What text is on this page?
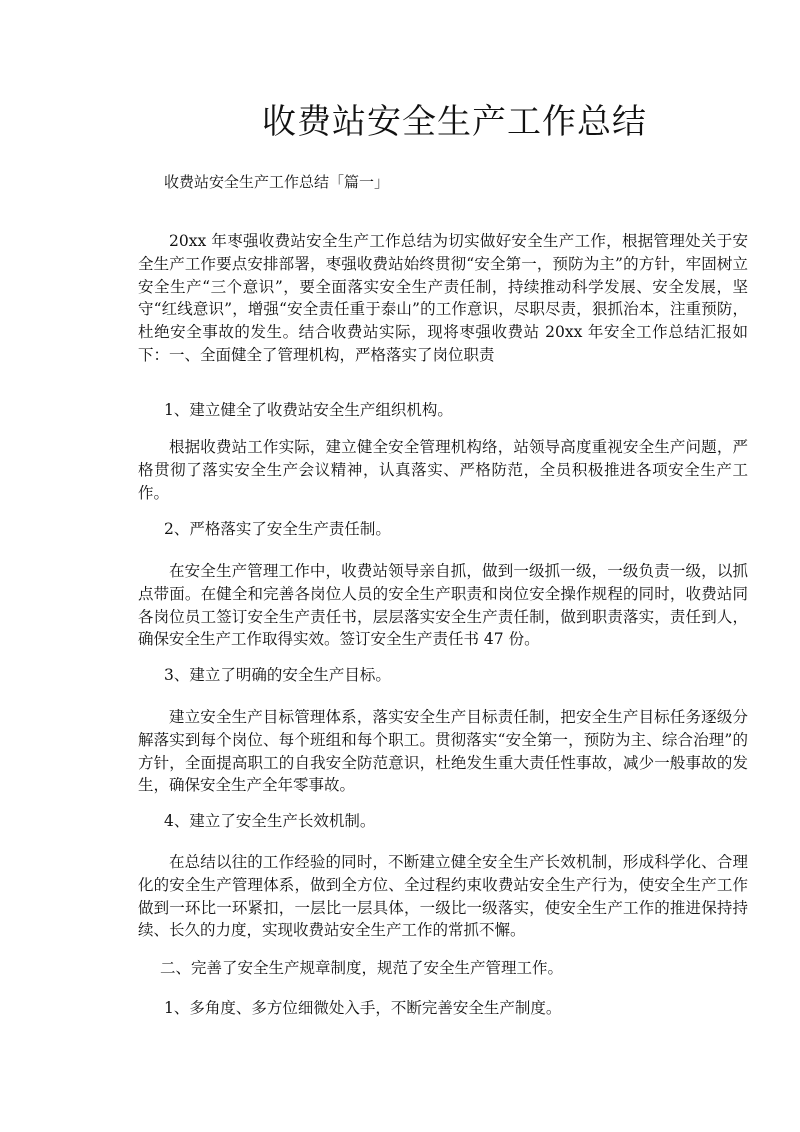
收费站安全生产工作总结
收费站安全生产工作总结「篇一」

20xx 年枣强收费站安全生产工作总结为切实做好安全生产工作，根据管理处关于安全生产工作要点安排部署，枣强收费站始终贯彻“安全第一，预防为主”的方针，牢固树立安全生产“三个意识”，要全面落实安全生产责任制，持续推动科学发展、安全发展，坚守“红线意识”，增强“安全责任重于泰山”的工作意识，尽职尽责，狠抓治本，注重预防，杜绝安全事故的发生。结合收费站实际，现将枣强收费站 20xx 年安全工作总结汇报如下：一、全面健全了管理机构，严格落实了岗位职责

1、建立健全了收费站安全生产组织机构。

根据收费站工作实际，建立健全安全管理机构络，站领导高度重视安全生产问题，严格贯彻了落实安全生产会议精神，认真落实、严格防范，全员积极推进各项安全生产工作。

2、严格落实了安全生产责任制。

在安全生产管理工作中，收费站领导亲自抓，做到一级抓一级，一级负责一级，以抓点带面。在健全和完善各岗位人员的安全生产职责和岗位安全操作规程的同时，收费站同各岗位员工签订安全生产责任书，层层落实安全生产责任制，做到职责落实，责任到人，确保安全生产工作取得实效。签订安全生产责任书 47 份。

3、建立了明确的安全生产目标。

建立安全生产目标管理体系，落实安全生产目标责任制，把安全生产目标任务逐级分解落实到每个岗位、每个班组和每个职工。贯彻落实“安全第一，预防为主、综合治理”的方针，全面提高职工的自我安全防范意识，杜绝发生重大责任性事故，减少一般事故的发生，确保安全生产全年零事故。

4、建立了安全生产长效机制。

在总结以往的工作经验的同时，不断建立健全安全生产长效机制，形成科学化、合理化的安全生产管理体系，做到全方位、全过程约束收费站安全生产行为，使安全生产工作做到一环比一环紧扣，一层比一层具体，一级比一级落实，使安全生产工作的推进保持持续、长久的力度，实现收费站安全生产工作的常抓不懈。

二、完善了安全生产规章制度，规范了安全生产管理工作。
1、多角度、多方位细微处入手，不断完善安全生产制度。
